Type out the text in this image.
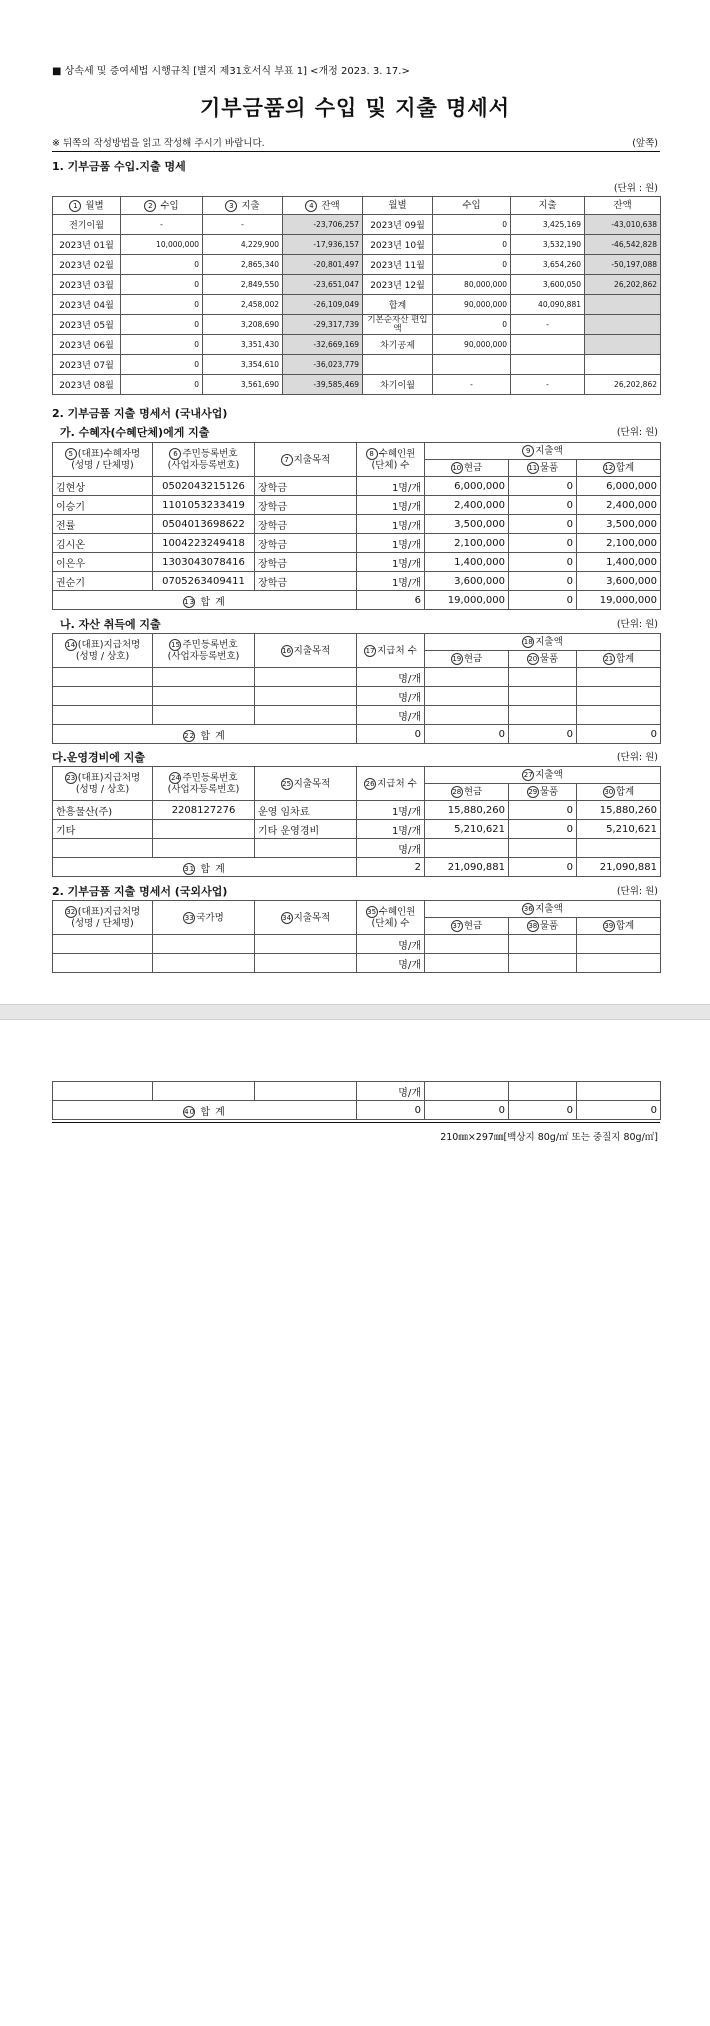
■ 상속세 및 증여세법 시행규칙 [별지 제31호서식 부표 1] <개정 2023. 3. 17.>
기부금품의 수입 및 지출 명세서
※ 뒤쪽의 작성방법을 읽고 작성해 주시기 바랍니다.	(앞쪽)
1. 기부금품 수입.지출 명세
(단위 : 원)
1 월별	2 수입	3 지출	4 잔액	월별	수입	지출	잔액
전기이월	-	-	-23,706,257	2023년 09월	0	3,425,169	-43,010,638
2023년 01월	10,000,000	4,229,900	-17,936,157	2023년 10월	0	3,532,190	-46,542,828
2023년 02월	0	2,865,340	-20,801,497	2023년 11월	0	3,654,260	-50,197,088
2023년 03월	0	2,849,550	-23,651,047	2023년 12월	80,000,000	3,600,050	26,202,862
2023년 04월	0	2,458,002	-26,109,049	합계	90,000,000	40,090,881	
2023년 05월	0	3,208,690	-29,317,739	기본순자산 편입액	0	-	
2023년 06월	0	3,351,430	-32,669,169	차기공제	90,000,000		
2023년 07월	0	3,354,610	-36,023,779				
2023년 08월	0	3,561,690	-39,585,469	차기이월	-	-	26,202,862
2. 기부금품 지출 명세서 (국내사업)
가. 수혜자(수혜단체)에게 지출	(단위: 원)
5 (대표)수혜자명
(성명 / 단체명)	6 주민등록번호
(사업자등록번호)	7 지출목적	8 수혜인원
(단체) 수	9 지출액		
				10 현금	11 물품	12 합계
김현상	0502043215126	장학금	1명/개	6,000,000	0	6,000,000
이승기	1101053233419	장학금	1명/개	2,400,000	0	2,400,000
전률	0504013698622	장학금	1명/개	3,500,000	0	3,500,000
김시온	1004223249418	장학금	1명/개	2,100,000	0	2,100,000
이은우	1303043078416	장학금	1명/개	1,400,000	0	1,400,000
권순기	0705263409411	장학금	1명/개	3,600,000	0	3,600,000
13 합 계			6	19,000,000	0	19,000,000
나. 자산 취득에 지출	(단위: 원)
14 (대표)지급처명
(성명 / 상호)	15 주민등록번호
(사업자등록번호)	16 지출목적	17 지급처 수	18 지출액		
				19 현금	20 물품	21 합계
			명/개			
			명/개			
			명/개			
22 합 계			0	0	0	0
다.운영경비에 지출	(단위: 원)
23 (대표)지급처명
(성명 / 상호)	24 주민등록번호
(사업자등록번호)	25 지출목적	26 지급처 수	27 지출액		
				28 현금	29 물품	30 합계
한흥물산(주)	2208127276	운영 임차료	1명/개	15,880,260	0	15,880,260
기타		기타 운영경비	1명/개	5,210,621	0	5,210,621
			명/개			
31 합 계			2	21,090,881	0	21,090,881
2. 기부금품 지출 명세서 (국외사업)	(단위: 원)
32 (대표)지급처명
(성명 / 단체명)	33 국가명	34 지출목적	35 수혜인원
(단체) 수	36 지출액		
				37 현금	38 물품	39 합계
			명/개			
			명/개			
			명/개			
40 합 계			0	0	0	0
210㎜×297㎜[백상지 80g/㎡ 또는 중질지 80g/㎡]
